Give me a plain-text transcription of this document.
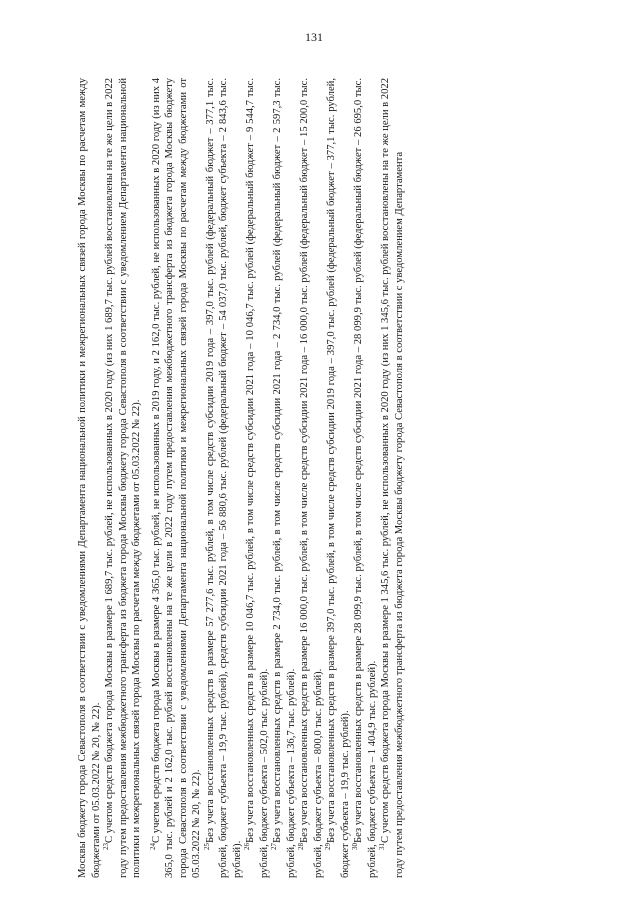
131

Москвы бюджету города Севастополя в соответствии с уведомлениями Департамента национальной политики и межрегиональных связей города Москвы по расчетам между бюджетами от 05.03.2022 № 20, № 22). $^{23}$С учетом средств бюджета города Москвы в размере 1 689,7 тыс. рублей, не использованных в 2020 году (из них 1 689,7 тыс. рублей восстановлены на те же цели в 2022 году путем предоставления межбюджетного трансферта из бюджета города Москвы бюджету города Севастополя в соответствии с уведомлением Департамента национальной политики и межрегиональных связей города Москвы по расчетам между бюджетами от 05.03.2022 № 22). $^{24}$С учетом средств бюджета города Москвы в размере 4 365,0 тыс. рублей, не использованных в 2019 году, и 2 162,0 тыс. рублей, не использованных в 2020 году (из них 4 365,0 тыс. рублей и 2 162,0 тыс. рублей восстановлены на те же цели в 2022 году путем предоставления межбюджетного трансферта из бюджета города Москвы бюджету города Севастополя в соответствии с уведомлениями Департамента национальной политики и межрегиональных связей города Москвы по расчетам между бюджетами от 05.03.2022 № 20, № 22). $^{25}$Без учета восстановленных средств в размере 57 277,6 тыс. рублей, в том числе средств субсидии 2019 года – 397,0 тыс. рублей (федеральный бюджет – 377,1 тыс. рублей, бюджет субъекта – 19,9 тыс. рублей), средств субсидии 2021 года – 56 880,6 тыс. рублей (федеральный бюджет – 54 037,0 тыс. рублей, бюджет субъекта – 2 843,6 тыс. рублей). $^{26}$Без учета восстановленных средств в размере 10 046,7 тыс. рублей, в том числе средств субсидии 2021 года – 10 046,7 тыс. рублей (федеральный бюджет – 9 544,7 тыс. рублей, бюджет субъекта – 502,0 тыс. рублей). $^{27}$Без учета восстановленных средств в размере 2 734,0 тыс. рублей, в том числе средств субсидии 2021 года – 2 734,0 тыс. рублей (федеральный бюджет – 2 597,3 тыс. рублей, бюджет субъекта – 136,7 тыс. рублей). $^{28}$Без учета восстановленных средств в размере 16 000,0 тыс. рублей, в том числе средств субсидии 2021 года – 16 000,0 тыс. рублей (федеральный бюджет – 15 200,0 тыс. рублей, бюджет субъекта – 800,0 тыс. рублей). $^{29}$Без учета восстановленных средств в размере 397,0 тыс. рублей, в том числе средств субсидии 2019 года – 397,0 тыс. рублей (федеральный бюджет – 377,1 тыс. рублей, бюджет субъекта – 19,9 тыс. рублей). $^{30}$Без учета восстановленных средств в размере 28 099,9 тыс. рублей, в том числе средств субсидии 2021 года – 28 099,9 тыс. рублей (федеральный бюджет – 26 695,0 тыс. рублей, бюджет субъекта – 1 404,9 тыс. рублей). $^{31}$С учетом средств бюджета города Москвы в размере 1 345,6 тыс. рублей, не использованных в 2020 году (из них 1 345,6 тыс. рублей восстановлены на те же цели в 2022 году путем предоставления межбюджетного трансферта из бюджета города Москвы бюджету города Севастополя в соответствии с уведомлением Департамента
